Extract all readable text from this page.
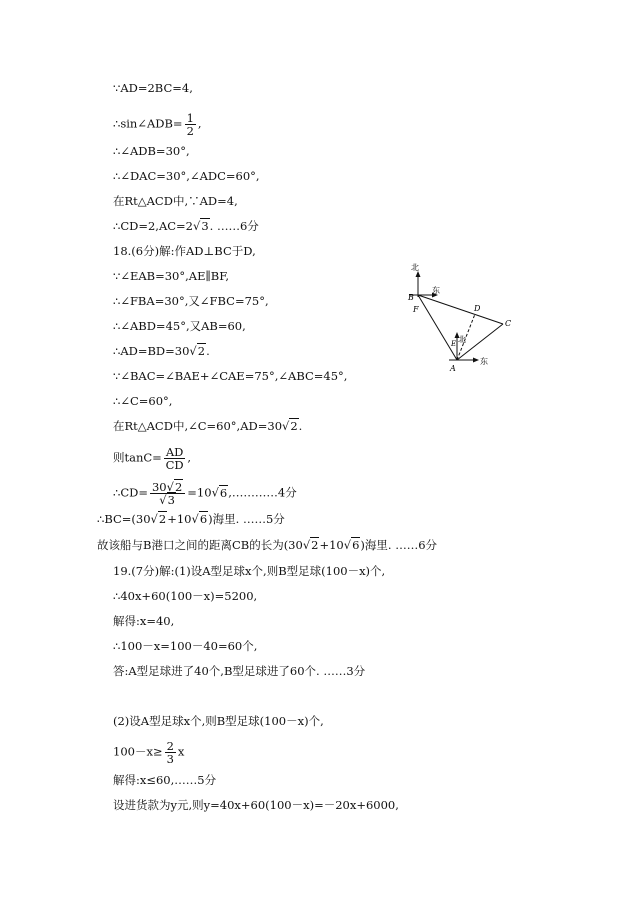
∵AD=2BC=4,
∴sin∠ADB= $\frac{1}{2}$ ,
∴∠ADB=30°,
∴∠DAC=30°,∠ADC=60°,
在Rt△ACD中,∵AD=4,
∴CD=2,AC=2√3. ……6分
18.(6分)解:作AD⊥BC于D,
∵∠EAB=30°,AE∥BF,
∴∠FBA=30°,又∠FBC=75°,
∴∠ABD=45°,又AB=60,
∴AD=BD=30√2.
∵∠BAC=∠BAE+∠CAE=75°,∠ABC=45°,
∴∠C=60°,
在Rt△ACD中,∠C=60°,AD=30√2.
则$\tan C= \frac{AD}{CD}$ ,
∴CD= $\frac{30√2}{√3}$ =10√6,…………4分
∴BC=(30√2+10√6)海里. ……5分
故该船与B港口之间的距离CB的长为(30√2+10√6)海里. ……6分
19.(7分)解:(1)设A型足球x个,则B型足球(100－x)个,
∴40x+60(100－x)=5200,
解得:x=40,
∴100－x=100－40=60个,
答:A型足球进了40个,B型足球进了60个. ……3分
(2)设A型足球x个,则B型足球(100－x)个,
$100-x\ge \frac{2}{3}$ x
解得:x≤60,……5分
设进货款为y元,则y=40x+60(100－x)=－20x+6000,
北
东
B
F	D
C
北
E
东
A
